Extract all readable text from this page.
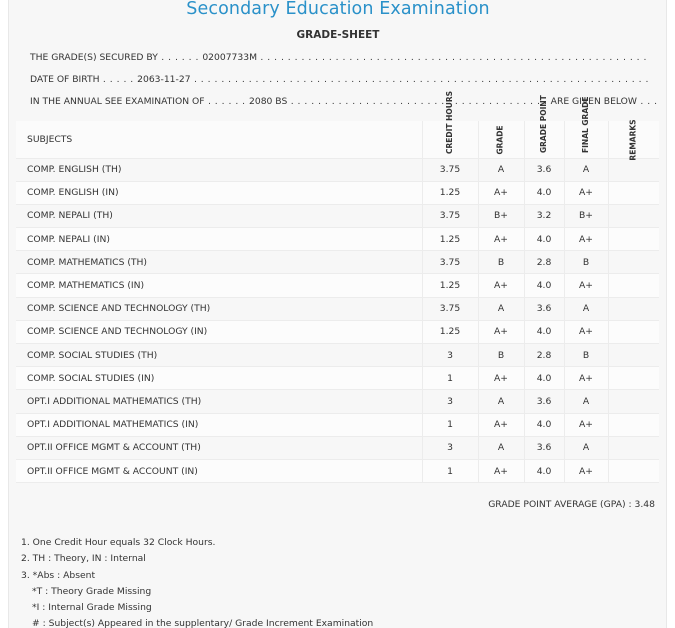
Secondary Education Examination
GRADE-SHEET
THE GRADE(S) SECURED BY . . . . . . 02007733M . . . . . . . . . . . . . . . . . . . . . . . . . . . . . . . . . . . . . . . . . . . . . . . . . . . . . . . . .
DATE OF BIRTH . . . . . 2063-11-27 . . . . . . . . . . . . . . . . . . . . . . . . . . . . . . . . . . . . . . . . . . . . . . . . . . . . . . . . . . . . . . . . . . .
IN THE ANNUAL SEE EXAMINATION OF . . . . . . 2080 BS . . . . . . . . . . . . . . . . . . . . . . . . . . . . . . . . . . . . . . ARE GIVEN BELOW . . .
SUBJECTS	CREDIT HOURS	GRADE	GRADE POINT	FINAL GRADE	REMARKS
COMP. ENGLISH (TH)	3.75	A	3.6	A	
COMP. ENGLISH (IN)	1.25	A+	4.0	A+	
COMP. NEPALI (TH)	3.75	B+	3.2	B+	
COMP. NEPALI (IN)	1.25	A+	4.0	A+	
COMP. MATHEMATICS (TH)	3.75	B	2.8	B	
COMP. MATHEMATICS (IN)	1.25	A+	4.0	A+	
COMP. SCIENCE AND TECHNOLOGY (TH)	3.75	A	3.6	A	
COMP. SCIENCE AND TECHNOLOGY (IN)	1.25	A+	4.0	A+	
COMP. SOCIAL STUDIES (TH)	3	B	2.8	B	
COMP. SOCIAL STUDIES (IN)	1	A+	4.0	A+	
OPT.I ADDITIONAL MATHEMATICS (TH)	3	A	3.6	A	
OPT.I ADDITIONAL MATHEMATICS (IN)	1	A+	4.0	A+	
OPT.II OFFICE MGMT & ACCOUNT (TH)	3	A	3.6	A	
OPT.II OFFICE MGMT & ACCOUNT (IN)	1	A+	4.0	A+	
GRADE POINT AVERAGE (GPA) : 3.48
1. One Credit Hour equals 32 Clock Hours.
2. TH : Theory, IN : Internal
3. *Abs : Absent
*T : Theory Grade Missing
*I : Internal Grade Missing
# : Subject(s) Appeared in the supplentary/ Grade Increment Examination
